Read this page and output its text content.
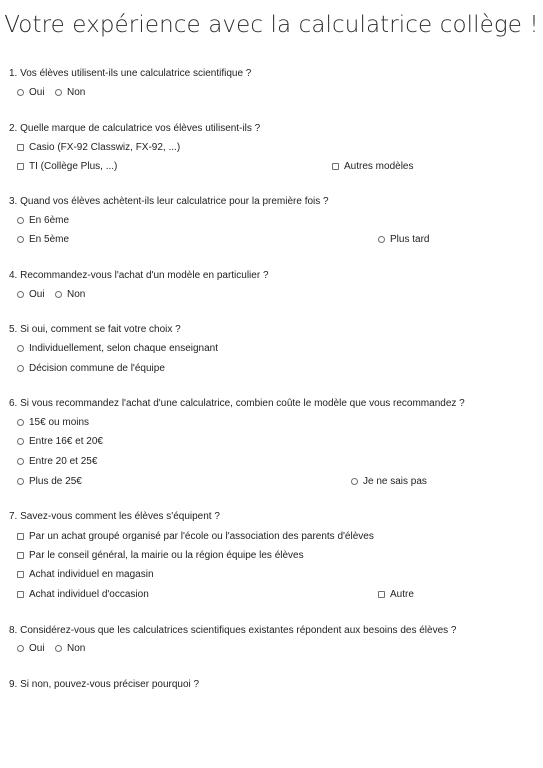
Votre expérience avec la calculatrice collège !
1. Vos élèves utilisent-ils une calculatrice scientifique ?
Oui Non
2. Quelle marque de calculatrice vos élèves utilisent-ils ?
Casio (FX-92 Classwiz, FX-92, ...)
TI (Collège Plus, ...)	Autres modèles
3. Quand vos élèves achètent-ils leur calculatrice pour la première fois ?
En 6ème
En 5ème	Plus tard
4. Recommandez-vous l'achat d'un modèle en particulier ?
Oui Non
5. Si oui, comment se fait votre choix ?
Individuellement, selon chaque enseignant
Décision commune de l'équipe
6. Si vous recommandez l'achat d'une calculatrice, combien coûte le modèle que vous recommandez ?
15€ ou moins
Entre 16€ et 20€
Entre 20 et 25€
Plus de 25€	Je ne sais pas
7. Savez-vous comment les élèves s'équipent ?
Par un achat groupé organisé par l'école ou l'association des parents d'élèves
Par le conseil général, la mairie ou la région équipe les élèves
Achat individuel en magasin
Achat individuel d'occasion	Autre
8. Considérez-vous que les calculatrices scientifiques existantes répondent aux besoins des élèves ?
Oui Non
9. Si non, pouvez-vous préciser pourquoi ?
